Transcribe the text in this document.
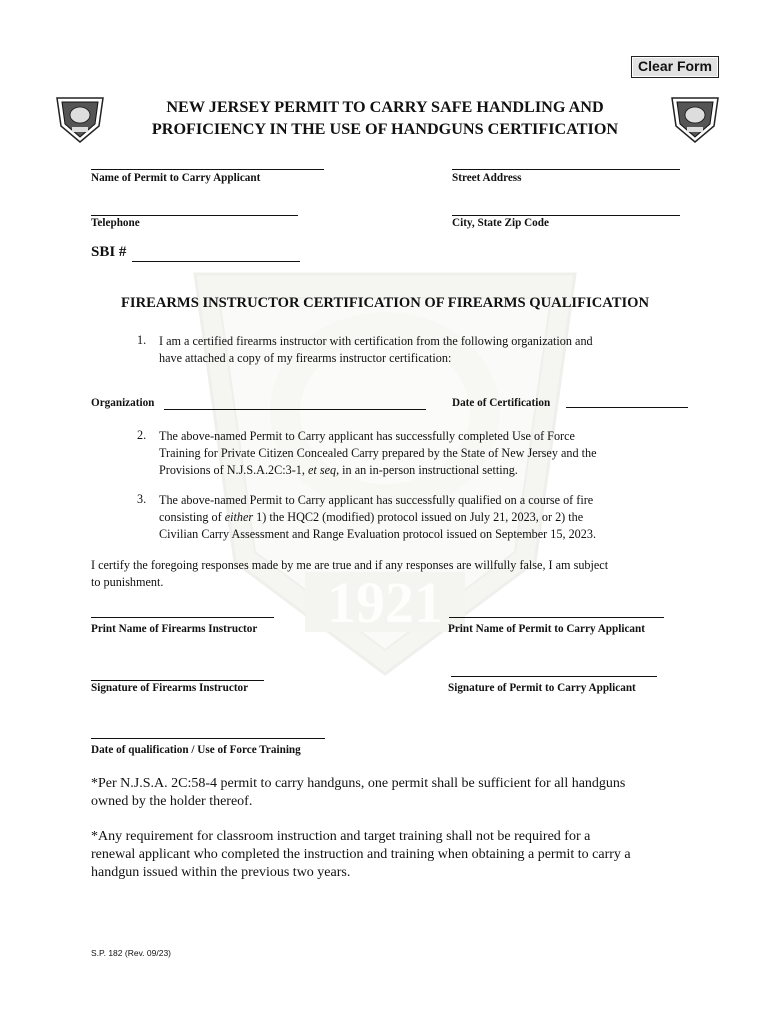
1921
Clear Form
NEW JERSEY PERMIT TO CARRY SAFE HANDLING AND
PROFICIENCY IN THE USE OF HANDGUNS CERTIFICATION
Name of Permit to Carry Applicant	Street Address
Telephone	City, State Zip Code
SBI #
FIREARMS INSTRUCTOR CERTIFICATION OF FIREARMS QUALIFICATION
1. I am a certified firearms instructor with certification from the following organization and
have attached a copy of my firearms instructor certification:
Organization	Date of Certification
2. The above-named Permit to Carry applicant has successfully completed Use of Force
Training for Private Citizen Concealed Carry prepared by the State of New Jersey and the
Provisions of N.J.S.A.2C:3-1, et seq, in an in-person instructional setting.
3. The above-named Permit to Carry applicant has successfully qualified on a course of fire
consisting of either 1) the HQC2 (modified) protocol issued on July 21, 2023, or 2) the
Civilian Carry Assessment and Range Evaluation protocol issued on September 15, 2023.
I certify the foregoing responses made by me are true and if any responses are willfully false, I am subject
to punishment.
Print Name of Firearms Instructor	Print Name of Permit to Carry Applicant
Signature of Firearms Instructor	Signature of Permit to Carry Applicant
Date of qualification / Use of Force Training
*Per N.J.S.A. 2C:58-4 permit to carry handguns, one permit shall be sufficient for all handguns
owned by the holder thereof.
*Any requirement for classroom instruction and target training shall not be required for a
renewal applicant who completed the instruction and training when obtaining a permit to carry a
handgun issued within the previous two years.
S.P. 182 (Rev. 09/23)
